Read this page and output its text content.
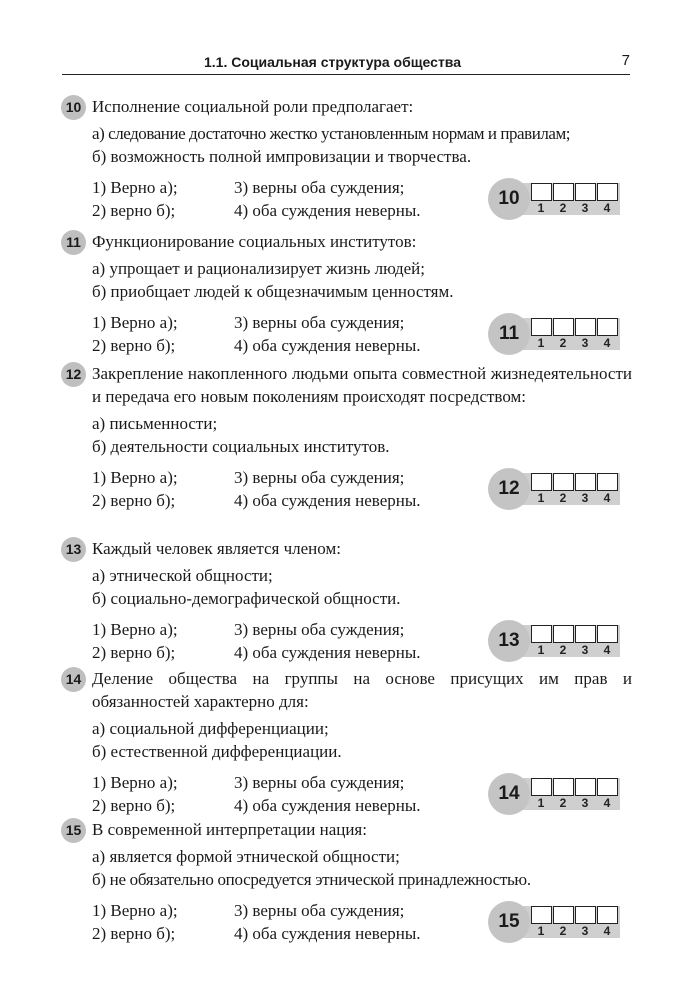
1.1. Социальная структура общества	7
10 Исполнение социальной роли предполагает:
а) следование достаточно жестко установленным нормам и правилам;
б) возможность полной импровизации и творчества.
1) Верно а);
2) верно б);
3) верны оба суждения;
4) оба суждения неверны.
10	1	2	3	4
11 Функционирование социальных институтов:
а) упрощает и рационализирует жизнь людей;
б) приобщает людей к общезначимым ценностям.
1) Верно а);
2) верно б);
3) верны оба суждения;
4) оба суждения неверны.
11	1	2	3	4
12 Закрепление накопленного людьми опыта совместной жизнедеятельности и передача его новым поколениям происходят посредством:
а) письменности;
б) деятельности социальных институтов.
1) Верно а);
2) верно б);
3) верны оба суждения;
4) оба суждения неверны.
12	1	2	3	4
13 Каждый человек является членом:
а) этнической общности;
б) социально-демографической общности.
1) Верно а);
2) верно б);
3) верны оба суждения;
4) оба суждения неверны.
13	1	2	3	4
14 Деление общества на группы на основе присущих им прав и обязанностей характерно для:
а) социальной дифференциации;
б) естественной дифференциации.
1) Верно а);
2) верно б);
3) верны оба суждения;
4) оба суждения неверны.
14	1	2	3	4
15 В современной интерпретации нация:
а) является формой этнической общности;
б) не обязательно опосредуется этнической принадлежностью.
1) Верно а);
2) верно б);
3) верны оба суждения;
4) оба суждения неверны.
15	1	2	3	4
